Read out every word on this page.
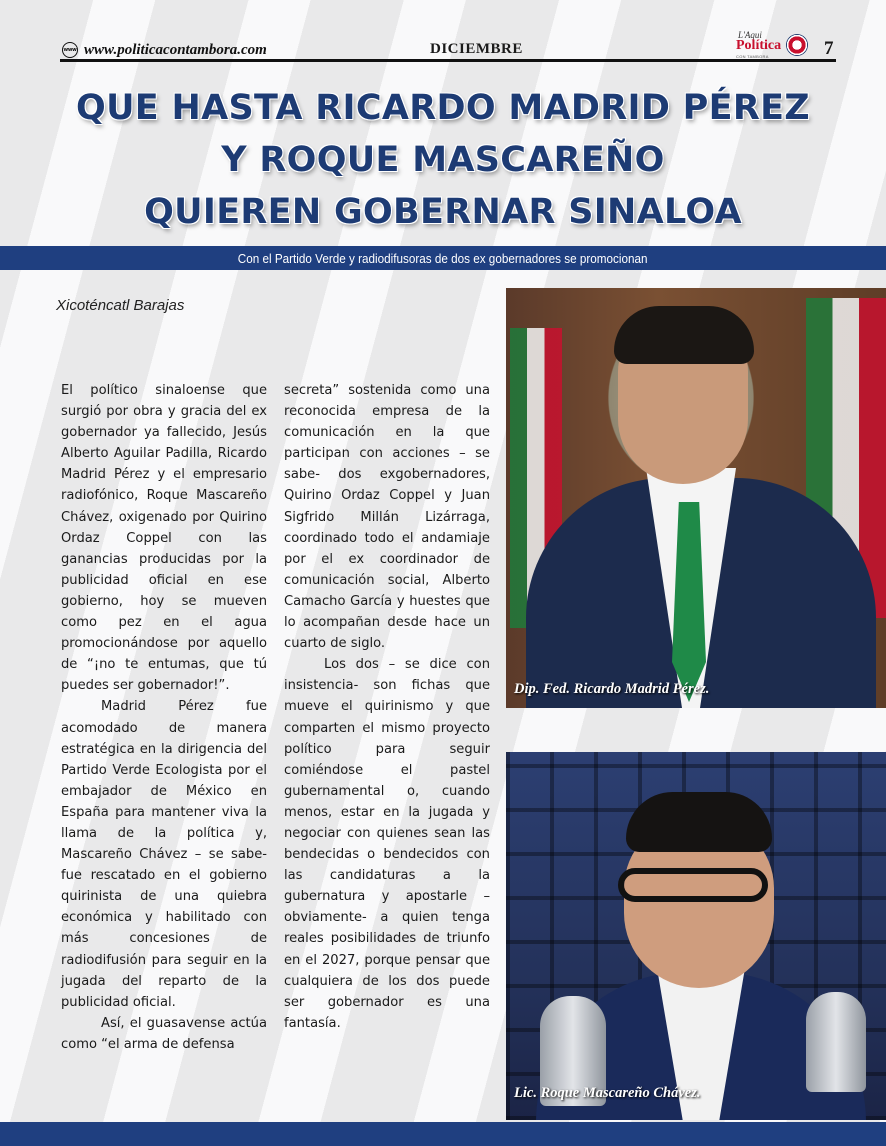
www www.politicacontambora.com	DICIEMBRE
L'Aqui
Política
CON TAMBORA	7
QUE HASTA RICARDO MADRID PÉREZ
Y ROQUE MASCAREÑO
QUIEREN GOBERNAR SINALOA
Con el Partido Verde y radiodifusoras de dos ex gobernadores se promocionan
Xicoténcatl Barajas

El político sinaloense que surgió por obra y gracia del ex gobernador ya fallecido, Jesús Alberto Aguilar Padilla, Ricardo Madrid Pérez y el empresario radiofónico, Roque Mascareño Chávez, oxigenado por Quirino Ordaz Coppel con las ganancias producidas por la publicidad oficial en ese gobierno, hoy se mueven como pez en el agua promocionándose por aquello de “¡no te entumas, que tú puedes ser gobernador!”.

Madrid Pérez fue acomodado de manera estratégica en la dirigencia del Partido Verde Ecologista por el embajador de México en España para mantener viva la llama de la política y, Mascareño Chávez – se sabe- fue rescatado en el gobierno quirinista de una quiebra económica y habilitado con más concesiones de radiodifusión para seguir en la jugada del reparto de la publicidad oficial.

Así, el guasavense actúa como “el arma de defensa

secreta” sostenida como una reconocida empresa de la comunicación en la que participan con acciones – se sabe- dos exgobernadores, Quirino Ordaz Coppel y Juan Sigfrido Millán Lizárraga, coordinado todo el andamiaje por el ex coordinador de comunicación social, Alberto Camacho García y huestes que lo acompañan desde hace un cuarto de siglo.

Los dos – se dice con insistencia- son fichas que mueve el quirinismo y que comparten el mismo proyecto político para seguir comiéndose el pastel gubernamental o, cuando menos, estar en la jugada y negociar con quienes sean las bendecidas o bendecidos con las candidaturas a la gubernatura y apostarle –obviamente- a quien tenga reales posibilidades de triunfo en el 2027, porque pensar que cualquiera de los dos puede ser gobernador es una fantasía.

Dip. Fed. Ricardo Madrid Pérez.
Lic. Roque Mascareño Chávez.
